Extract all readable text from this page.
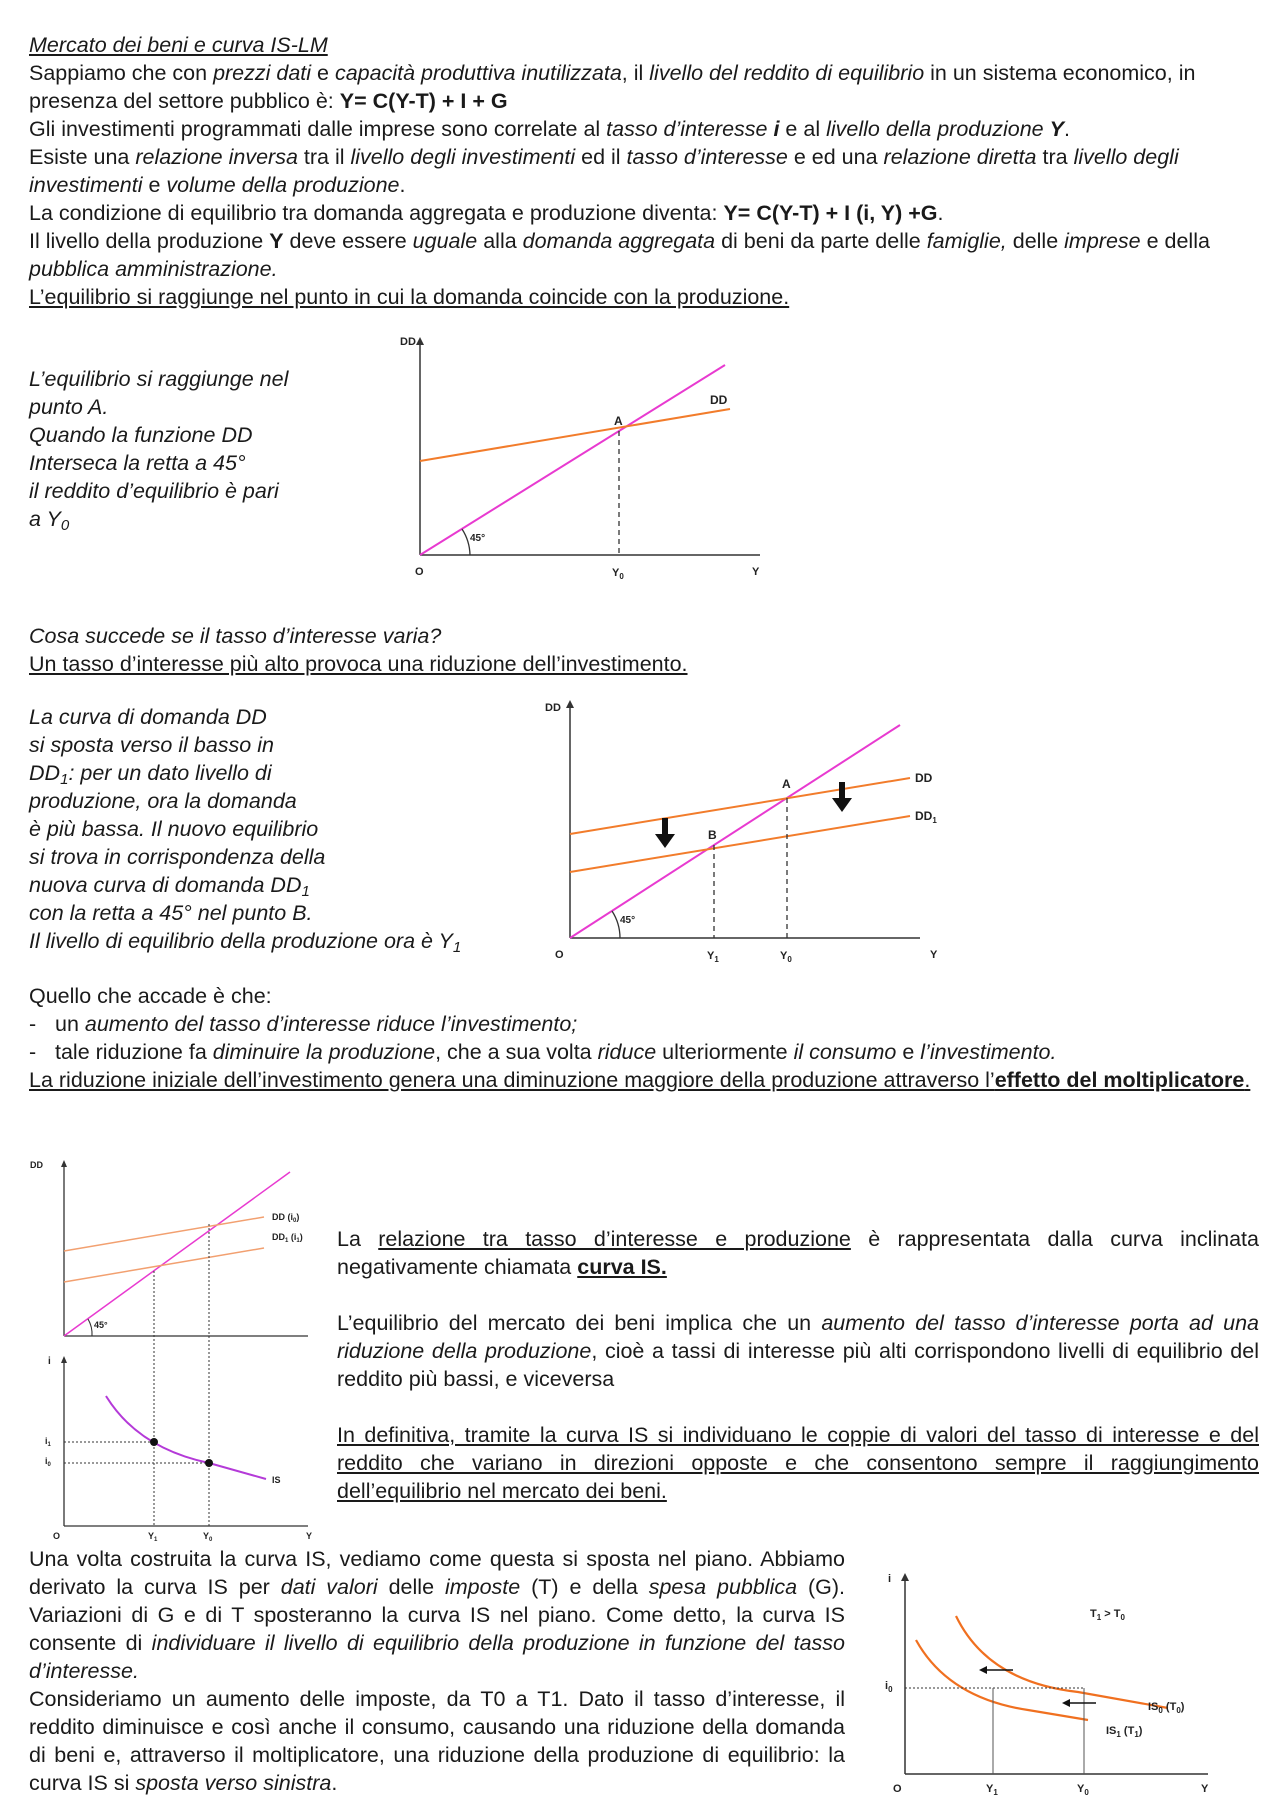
Mercato dei beni e curva IS-LM
Sappiamo che con prezzi dati e capacità produttiva inutilizzata, il livello del reddito di equilibrio in un sistema economico, in presenza del settore pubblico è: Y= C(Y-T) + I + G
Gli investimenti programmati dalle imprese sono correlate al tasso d’interesse i e al livello della produzione Y.
Esiste una relazione inversa tra il livello degli investimenti ed il tasso d’interesse e ed una relazione diretta tra livello degli investimenti e volume della produzione.
La condizione di equilibrio tra domanda aggregata e produzione diventa: Y= C(Y-T) + I (i, Y) +G.
Il livello della produzione Y deve essere uguale alla domanda aggregata di beni da parte delle famiglie, delle imprese e della pubblica amministrazione.
L’equilibrio si raggiunge nel punto in cui la domanda coincide con la produzione.
L’equilibrio si raggiunge nel
punto A.
Quando la funzione DD
Interseca la retta a 45°
il reddito d’equilibrio è pari
a $Y_0$
DD
O	Y
DD
A
$Y_0$
45°
Cosa succede se il tasso d’interesse varia?
Un tasso d’interesse più alto provoca una riduzione dell’investimento.
La curva di domanda DD
si sposta verso il basso in
$DD_1$: per un dato livello di
produzione, ora la domanda
è più bassa. Il nuovo equilibrio
si trova in corrispondenza della
nuova curva di domanda $DD_1$
con la retta a 45° nel punto B.
Il livello di equilibrio della produzione ora è $Y_1$
DD
O	Y
DD
$DD_1$
A
B
$Y_1$	$Y_0$
45°
Quello che accade è che:
- un aumento del tasso d’interesse riduce l’investimento;
- tale riduzione fa diminuire la produzione, che a sua volta riduce ulteriormente il consumo e l’investimento.
La riduzione iniziale dell’investimento genera una diminuzione maggiore della produzione attraverso l’effetto del moltiplicatore.
DD
DD $(i_0)$
$DD_1$ $(i_1)$
45°
i
$i_1$
$i_0$
IS
O	$Y_1$	$Y_0$	Y
La relazione tra tasso d’interesse e produzione è rappresentata dalla curva inclinata negativamente chiamata curva IS.
L’equilibrio del mercato dei beni implica che un aumento del tasso d’interesse porta ad una riduzione della produzione, cioè a tassi di interesse più alti corrispondono livelli di equilibrio del reddito più bassi, e viceversa
In definitiva, tramite la curva IS si individuano le coppie di valori del tasso di interesse e del reddito che variano in direzioni opposte e che consentono sempre il raggiungimento dell’equilibrio nel mercato dei beni.
Una volta costruita la curva IS, vediamo come questa si sposta nel piano. Abbiamo derivato la curva IS per dati valori delle imposte (T) e della spesa pubblica (G). Variazioni di G e di T sposteranno la curva IS nel piano. Come detto, la curva IS consente di individuare il livello di equilibrio della produzione in funzione del tasso d’interesse.
Consideriamo un aumento delle imposte, da T0 a T1. Dato il tasso d’interesse, il reddito diminuisce e così anche il consumo, causando una riduzione della domanda di beni e, attraverso il moltiplicatore, una riduzione della produzione di equilibrio: la curva IS si sposta verso sinistra.
i
$T_1 > T_0$
$i_0$
$IS_0$ $(T_0)$
$IS_1$ $(T_1)$
O	$Y_1$	$Y_0$	Y
